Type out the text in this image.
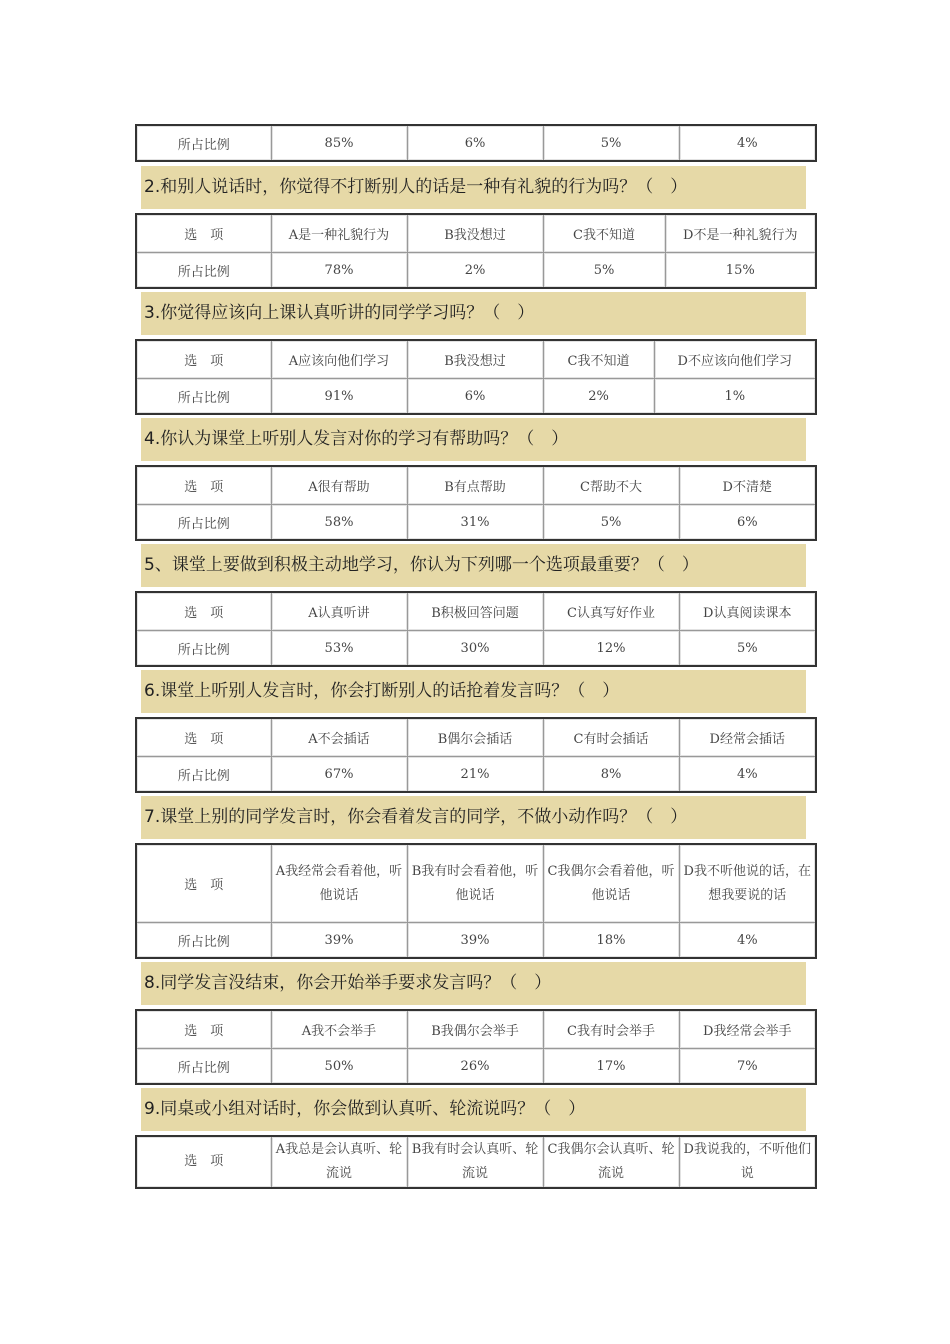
所占比例	85%	6%	5%	4%
2.和别人说话时，你觉得不打断别人的话是一种有礼貌的行为吗？（　）
选　项	A是一种礼貌行为	B我没想过	C我不知道	D不是一种礼貌行为
所占比例	78%	2%	5%	15%
3.你觉得应该向上课认真听讲的同学学习吗？（　）
选　项	A应该向他们学习	B我没想过	C我不知道	D不应该向他们学习
所占比例	91%	6%	2%	1%
4.你认为课堂上听别人发言对你的学习有帮助吗？（　）
选　项	A很有帮助	B有点帮助	C帮助不大	D不清楚
所占比例	58%	31%	5%	6%
5、课堂上要做到积极主动地学习，你认为下列哪一个选项最重要？（　）
选　项	A认真听讲	B积极回答问题	C认真写好作业	D认真阅读课本
所占比例	53%	30%	12%	5%
6.课堂上听别人发言时，你会打断别人的话抢着发言吗？（　）
选　项	A不会插话	B偶尔会插话	C有时会插话	D经常会插话
所占比例	67%	21%	8%	4%
7.课堂上别的同学发言时，你会看着发言的同学，不做小动作吗？（　）
选　项	A我经常会看着他，听他说话	B我有时会看着他，听他说话	C我偶尔会看着他，听他说话	D我不听他说的话，在想我要说的话
所占比例	39%	39%	18%	4%
8.同学发言没结束，你会开始举手要求发言吗？（　）
选　项	A我不会举手	B我偶尔会举手	C我有时会举手	D我经常会举手
所占比例	50%	26%	17%	7%
9.同桌或小组对话时，你会做到认真听、轮流说吗？（　）
选　项	A我总是会认真听、轮流说	B我有时会认真听、轮流说	C我偶尔会认真听、轮流说	D我说我的，不听他们说
